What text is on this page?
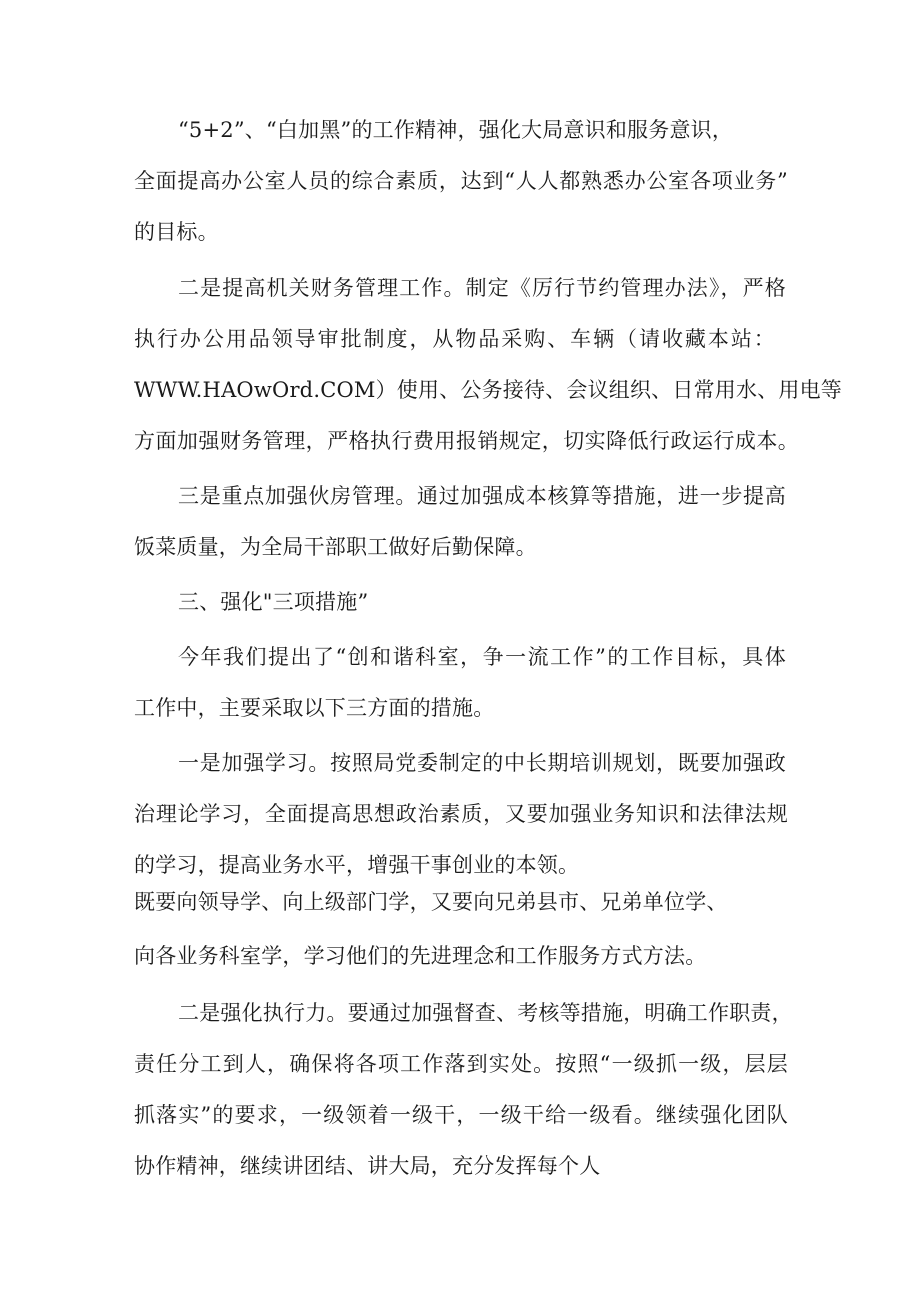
“5+2”、“白加黑”的工作精神，强化大局意识和服务意识，
全面提高办公室人员的综合素质，达到“人人都熟悉办公室各项业务”
的目标。
二是提高机关财务管理工作。制定《厉行节约管理办法》，严格
执行办公用品领导审批制度，从物品采购、车辆（请收藏本站：
WWW.HAOwOrd.COM）使用、公务接待、会议组织、日常用水、用电等
方面加强财务管理，严格执行费用报销规定，切实降低行政运行成本。
三是重点加强伙房管理。通过加强成本核算等措施，进一步提高
饭菜质量，为全局干部职工做好后勤保障。
三、强化"三项措施”
今年我们提出了“创和谐科室，争一流工作”的工作目标，具体
工作中，主要采取以下三方面的措施。
一是加强学习。按照局党委制定的中长期培训规划，既要加强政
治理论学习，全面提高思想政治素质，又要加强业务知识和法律法规
的学习，提高业务水平，增强干事创业的本领。
既要向领导学、向上级部门学，又要向兄弟县市、兄弟单位学、
向各业务科室学，学习他们的先进理念和工作服务方式方法。
二是强化执行力。要通过加强督查、考核等措施，明确工作职责，
责任分工到人，确保将各项工作落到实处。按照“一级抓一级，层层
抓落实”的要求，一级领着一级干，一级干给一级看。继续强化团队
协作精神，继续讲团结、讲大局，充分发挥每个人
